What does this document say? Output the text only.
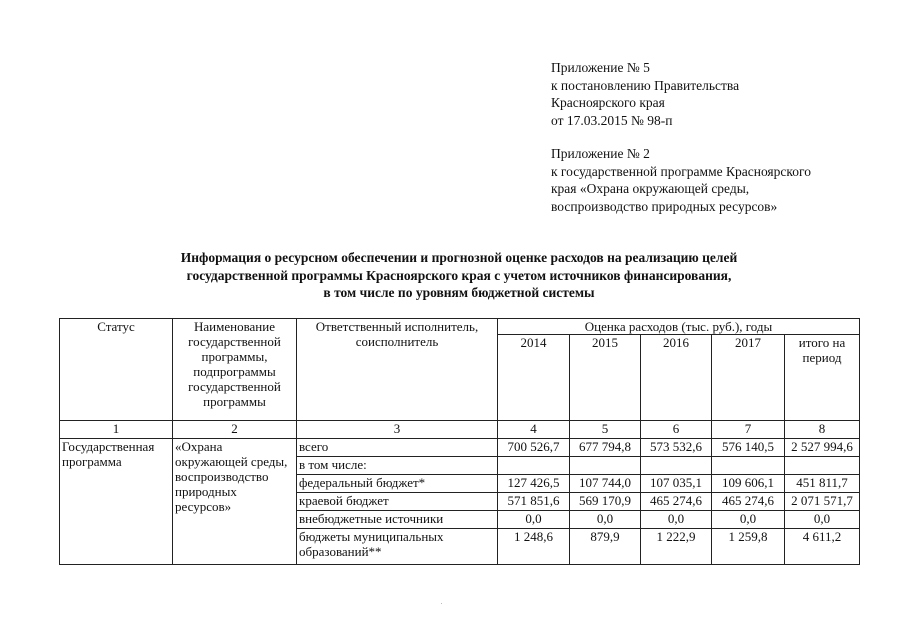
Приложение № 5
к постановлению Правительства
Красноярского края
от 17.03.2015 № 98-п
Приложение № 2
к государственной программе Красноярского
края «Охрана окружающей среды,
воспроизводство природных ресурсов»
Информация о ресурсном обеспечении и прогнозной оценке расходов на реализацию целей
государственной программы Красноярского края с учетом источников финансирования,
в том числе по уровням бюджетной системы
Статус	Наименование государственной программы, подпрограммы государственной программы	Ответственный исполнитель, соисполнитель	Оценка расходов (тыс. руб.), годы				
			2014	2015	2016	2017	итого на период
1	2	3	4	5	6	7	8
Государственная программа	«Охрана окружающей среды, воспроизводство природных ресурсов»	всего	700 526,7	677 794,8	573 532,6	576 140,5	2 527 994,6
		в том числе:					
		федеральный бюджет*	127 426,5	107 744,0	107 035,1	109 606,1	451 811,7
		краевой бюджет	571 851,6	569 170,9	465 274,6	465 274,6	2 071 571,7
		внебюджетные источники	0,0	0,0	0,0	0,0	0,0
		бюджеты муниципальных образований**	1 248,6	879,9	1 222,9	1 259,8	4 611,2
